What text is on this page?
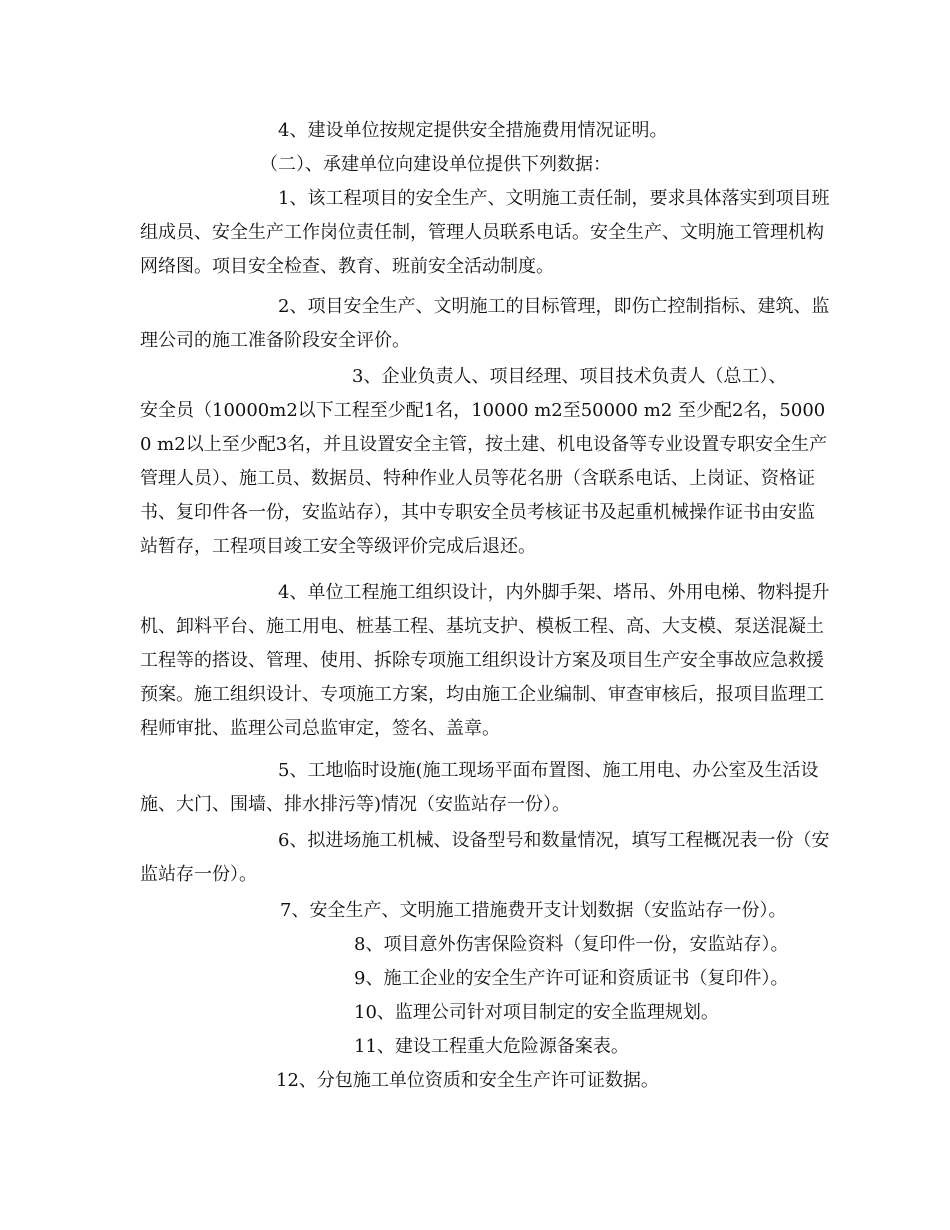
4、建设单位按规定提供安全措施费用情况证明。

（二）、承建单位向建设单位提供下列数据：

1、该工程项目的安全生产、文明施工责任制，要求具体落实到项目班组成员、安全生产工作岗位责任制，管理人员联系电话。安全生产、文明施工管理机构网络图。项目安全检查、教育、班前安全活动制度。

2、项目安全生产、文明施工的目标管理，即伤亡控制指标、建筑、监理公司的施工准备阶段安全评价。

3、企业负责人、项目经理、项目技术负责人（总工）、

安全员（10000m2以下工程至少配1名，10000 m2至50000 m2 至少配2名，50000 m2以上至少配3名，并且设置安全主管，按土建、机电设备等专业设置专职安全生产管理人员）、施工员、数据员、特种作业人员等花名册（含联系电话、上岗证、资格证书、复印件各一份，安监站存），其中专职安全员考核证书及起重机械操作证书由安监站暂存，工程项目竣工安全等级评价完成后退还。

4、单位工程施工组织设计，内外脚手架、塔吊、外用电梯、物料提升机、卸料平台、施工用电、桩基工程、基坑支护、模板工程、高、大支模、泵送混凝土工程等的搭设、管理、使用、拆除专项施工组织设计方案及项目生产安全事故应急救援预案。施工组织设计、专项施工方案，均由施工企业编制、审查审核后，报项目监理工程师审批、监理公司总监审定，签名、盖章。

5、工地临时设施(施工现场平面布置图、施工用电、办公室及生活设施、大门、围墙、排水排污等)情况（安监站存一份）。

6、拟进场施工机械、设备型号和数量情况，填写工程概况表一份（安监站存一份）。

7、安全生产、文明施工措施费开支计划数据（安监站存一份）。

8、项目意外伤害保险资料（复印件一份，安监站存）。

9、施工企业的安全生产许可证和资质证书（复印件）。

10、监理公司针对项目制定的安全监理规划。

11、建设工程重大危险源备案表。

12、分包施工单位资质和安全生产许可证数据。
